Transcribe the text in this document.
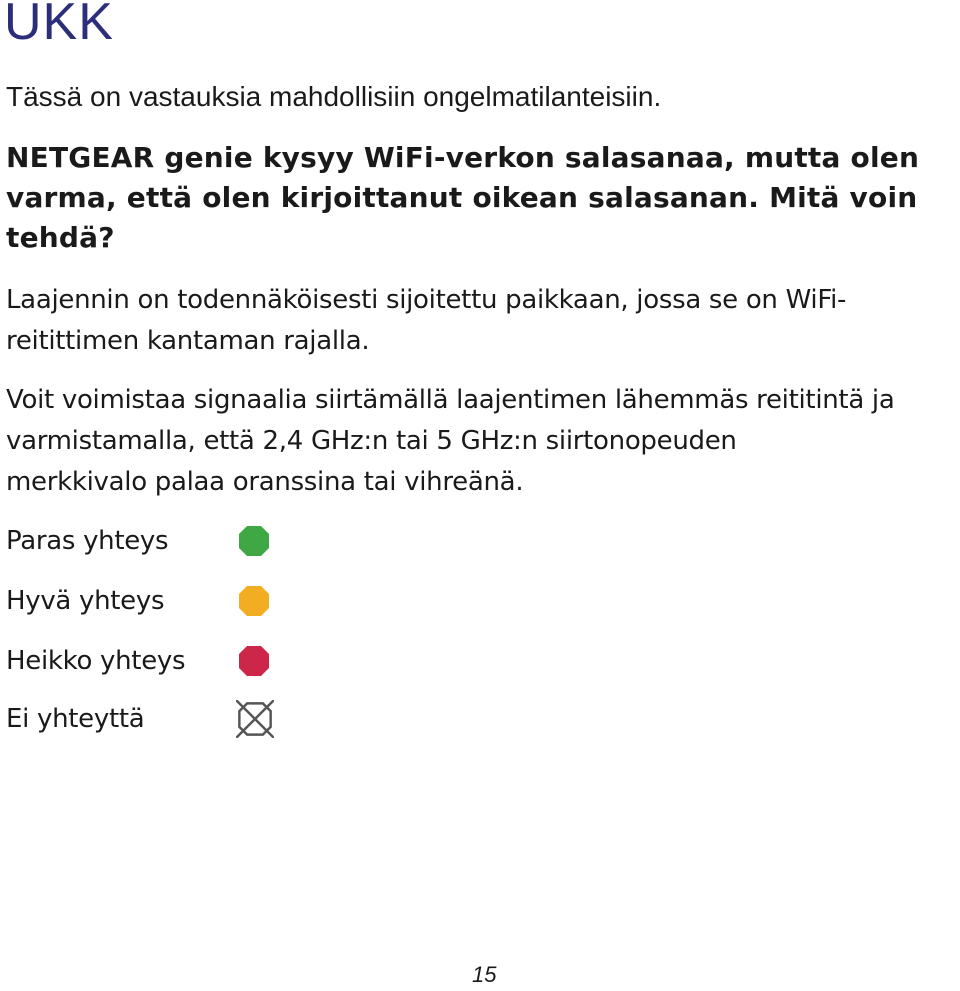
UKK

Tässä on vastauksia mahdollisiin ongelmatilanteisiin.

NETGEAR genie kysyy WiFi-verkon salasanaa, mutta olen varma, että olen kirjoittanut oikean salasanan. Mitä voin tehdä?

Laajennin on todennäköisesti sijoitettu paikkaan, jossa se on WiFi-
reitittimen kantaman rajalla.

Voit voimistaa signaalia siirtämällä laajentimen lähemmäs reititintä ja
varmistamalla, että 2,4 GHz:n tai 5 GHz:n siirtonopeuden
merkkivalo palaa oranssina tai vihreänä.

Paras yhteys
Hyvä yhteys
Heikko yhteys
Ei yhteyttä
15
